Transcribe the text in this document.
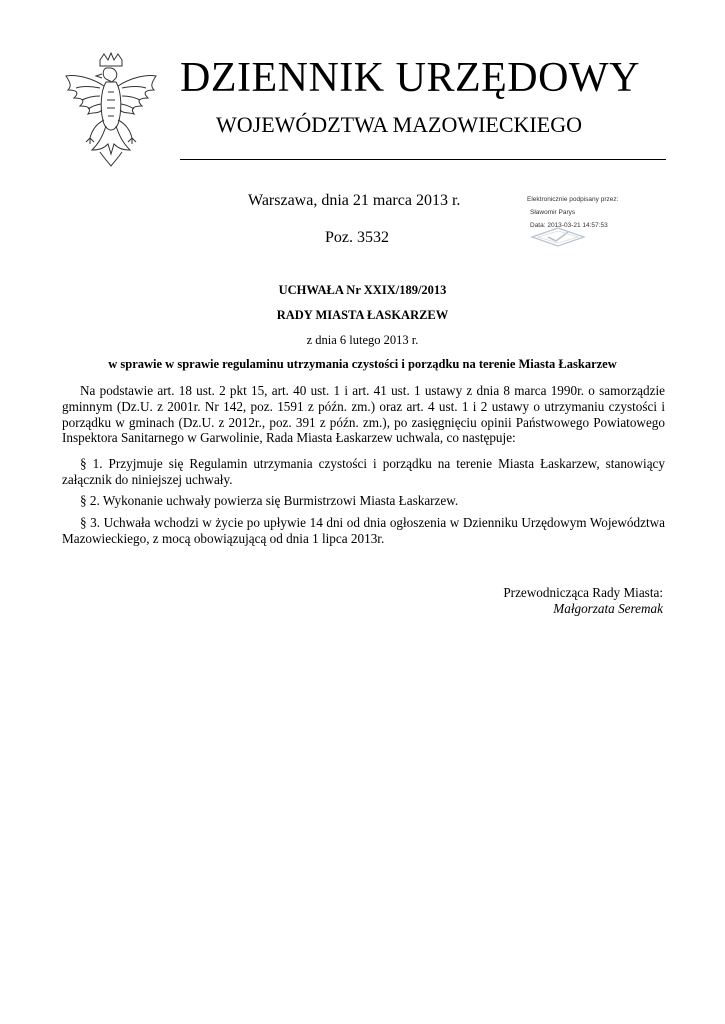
DZIENNIK URZĘDOWY
WOJEWÓDZTWA MAZOWIECKIEGO
Warszawa, dnia 21 marca 2013 r.
Poz. 3532
Elektronicznie podpisany przez:
Sławomir Parys
Data: 2013-03-21 14:57:53
UCHWAŁA Nr XXIX/189/2013
RADY MIASTA ŁASKARZEW
z dnia 6 lutego 2013 r.
w sprawie w sprawie regulaminu utrzymania czystości i porządku na terenie Miasta Łaskarzew

Na podstawie art. 18 ust. 2 pkt 15, art. 40 ust. 1 i art. 41 ust. 1 ustawy z dnia 8 marca 1990r. o samorządzie gminnym (Dz.U. z 2001r. Nr 142, poz. 1591 z późn. zm.) oraz art. 4 ust. 1 i 2 ustawy o utrzymaniu czystości i porządku w gminach (Dz.U. z 2012r., poz. 391 z późn. zm.), po zasięgnięciu opinii Państwowego Powiatowego Inspektora Sanitarnego w Garwolinie, Rada Miasta Łaskarzew uchwala, co następuje:

§ 1. Przyjmuje się Regulamin utrzymania czystości i porządku na terenie Miasta Łaskarzew, stanowiący załącznik do niniejszej uchwały.

§ 2. Wykonanie uchwały powierza się Burmistrzowi Miasta Łaskarzew.

§ 3. Uchwała wchodzi w życie po upływie 14 dni od dnia ogłoszenia w Dzienniku Urzędowym Województwa Mazowieckiego, z mocą obowiązującą od dnia 1 lipca 2013r.

Przewodnicząca Rady Miasta:
Małgorzata Seremak
